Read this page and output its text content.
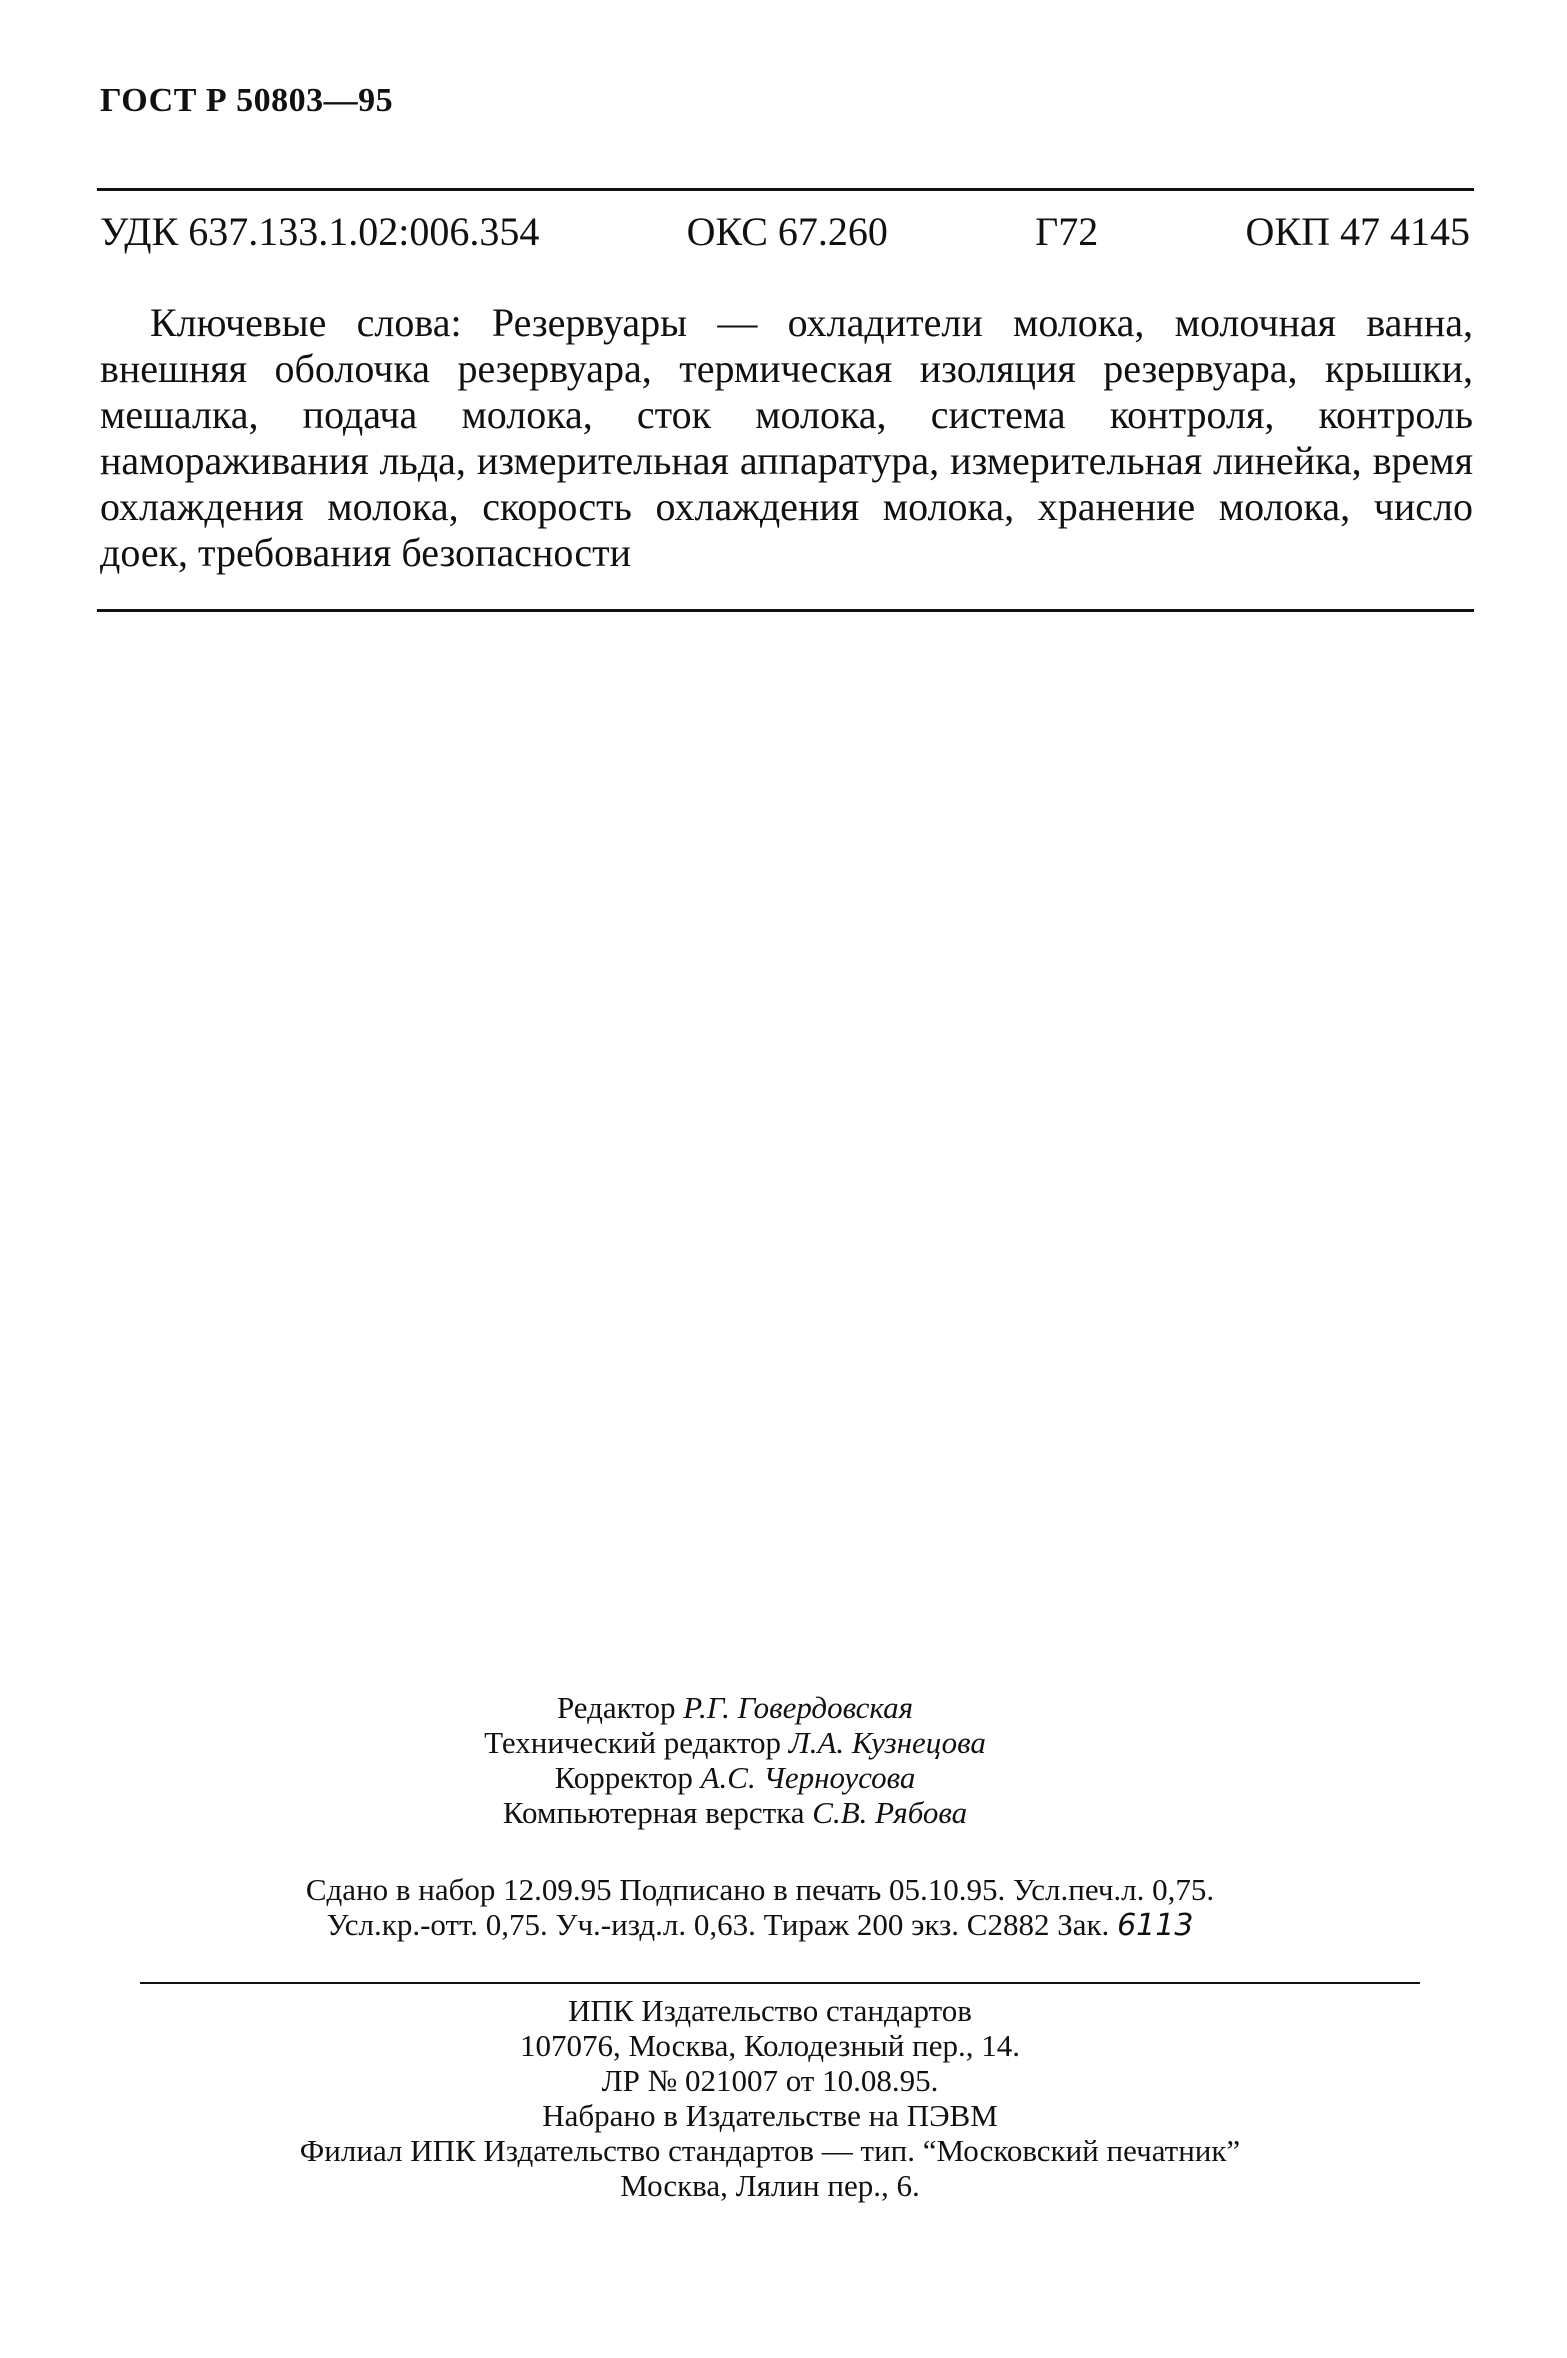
ГОСТ Р 50803—95
УДК 637.133.1.02:006.354	ОКС 67.260	Г72	ОКП 47 4145
Ключевые слова: Резервуары — охладители молока, молочная ванна, внешняя оболочка резервуара, термическая изоляция резервуара, крышки, мешалка, подача молока, сток молока, система контроля, контроль намораживания льда, измерительная аппаратура, измерительная линейка, время охлаждения молока, скорость охлаждения молока, хранение молока, число доек, требования безопасности
Редактор Р.Г. Говердовская
Технический редактор Л.А. Кузнецова
Корректор А.С. Черноусова
Компьютерная верстка С.В. Рябова
Сдано в набор 12.09.95 Подписано в печать 05.10.95. Усл.печ.л. 0,75.
Усл.кр.-отт. 0,75. Уч.-изд.л. 0,63. Тираж 200 экз. С2882 Зак. 6113
ИПК Издательство стандартов
107076, Москва, Колодезный пер., 14.
ЛР № 021007 от 10.08.95.
Набрано в Издательстве на ПЭВМ
Филиал ИПК Издательство стандартов — тип. “Московский печатник”
Москва, Лялин пер., 6.
